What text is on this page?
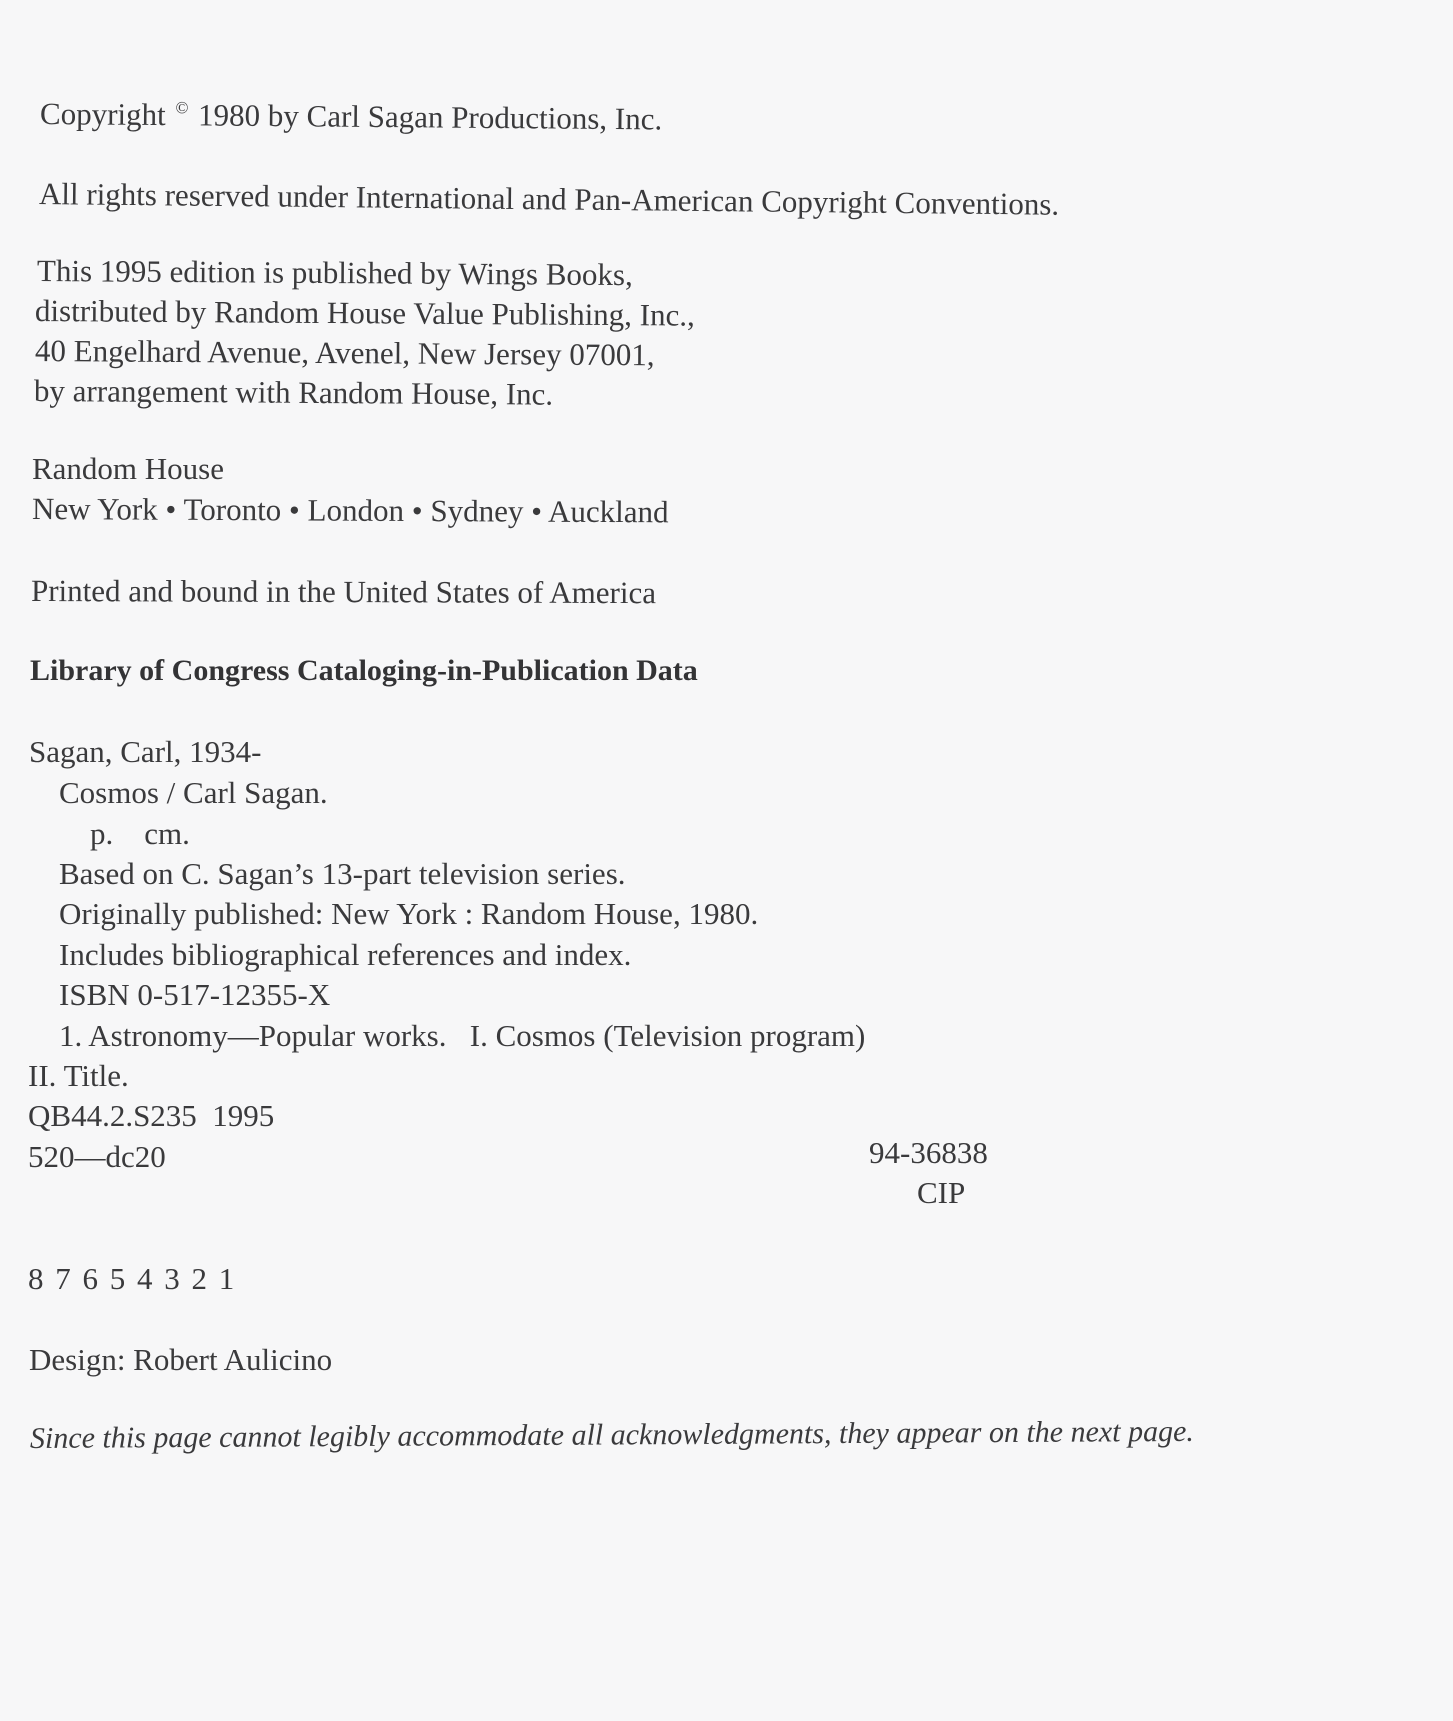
Copyright © 1980 by Carl Sagan Productions, Inc.
All rights reserved under International and Pan-American Copyright Conventions.
This 1995 edition is published by Wings Books,
distributed by Random House Value Publishing, Inc.,
40 Engelhard Avenue, Avenel, New Jersey 07001,
by arrangement with Random House, Inc.
Random House
New York • Toronto • London • Sydney • Auckland
Printed and bound in the United States of America
Library of Congress Cataloging-in-Publication Data
Sagan, Carl, 1934-
Cosmos / Carl Sagan.
p.    cm.
Based on C. Sagan’s 13-part television series.
Originally published: New York : Random House, 1980.
Includes bibliographical references and index.
ISBN 0-517-12355-X
1. Astronomy—Popular works.   I. Cosmos (Television program)
II. Title.
QB44.2.S235  1995
520—dc20	94-36838
CIP
8 7 6 5 4 3 2 1
Design: Robert Aulicino
Since this page cannot legibly accommodate all acknowledgments, they appear on the next page.
